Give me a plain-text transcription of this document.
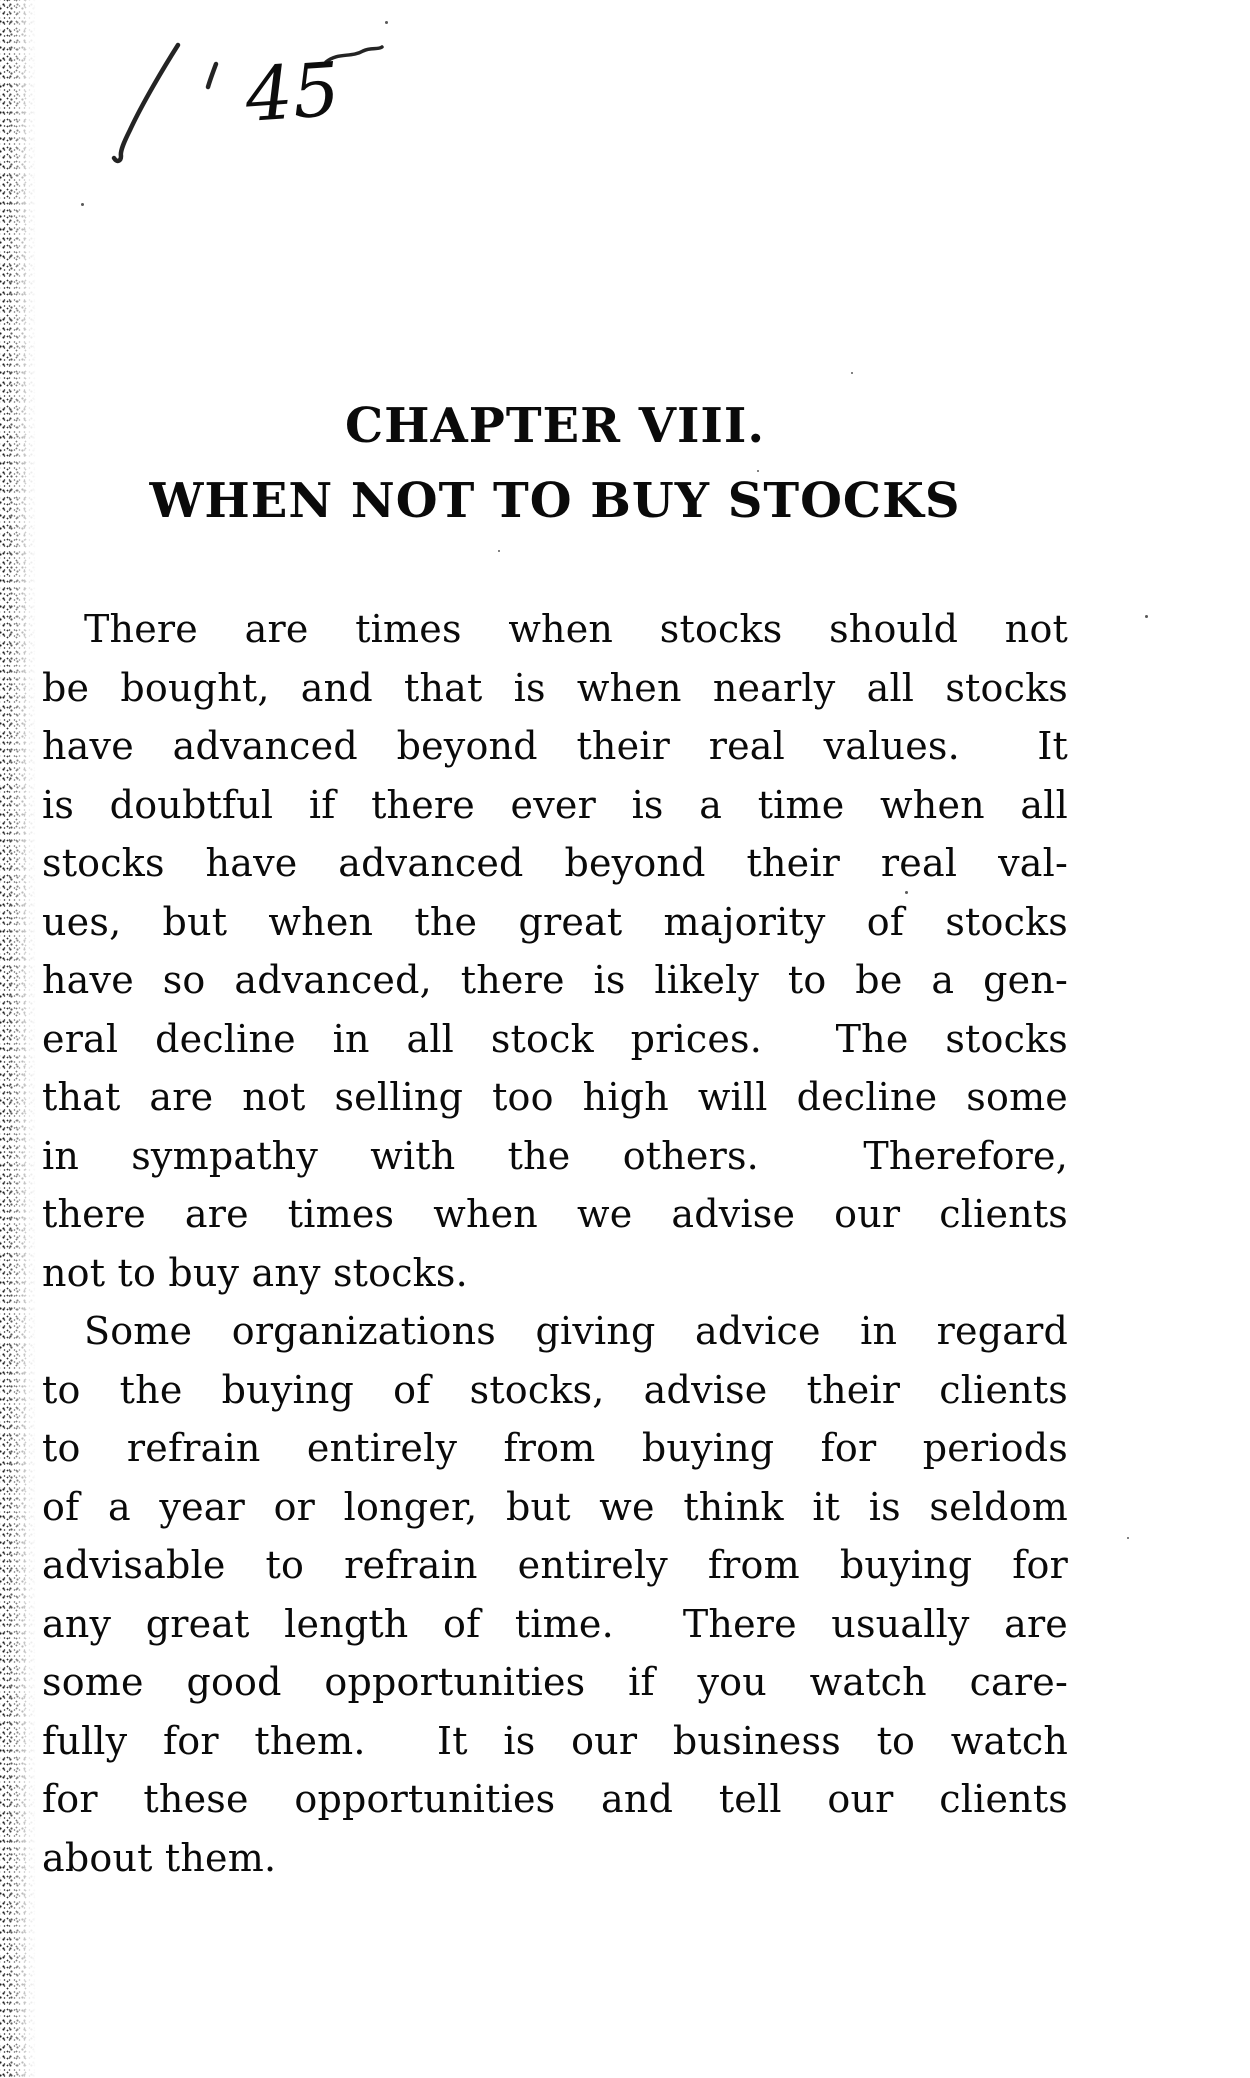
45
CHAPTER VIII.
WHEN NOT TO BUY STOCKS
There are times when stocks should not
be bought, and that is when nearly all stocks
have advanced beyond their real values.  It
is doubtful if there ever is a time when all
stocks have advanced beyond their real val-
ues, but when the great majority of stocks
have so advanced, there is likely to be a gen-
eral decline in all stock prices.  The stocks
that are not selling too high will decline some
in sympathy with the others.  Therefore,
there are times when we advise our clients
not to buy any stocks.
Some organizations giving advice in regard
to the buying of stocks, advise their clients
to refrain entirely from buying for periods
of a year or longer, but we think it is seldom
advisable to refrain entirely from buying for
any great length of time.  There usually are
some good opportunities if you watch care-
fully for them.  It is our business to watch
for these opportunities and tell our clients
about them.
